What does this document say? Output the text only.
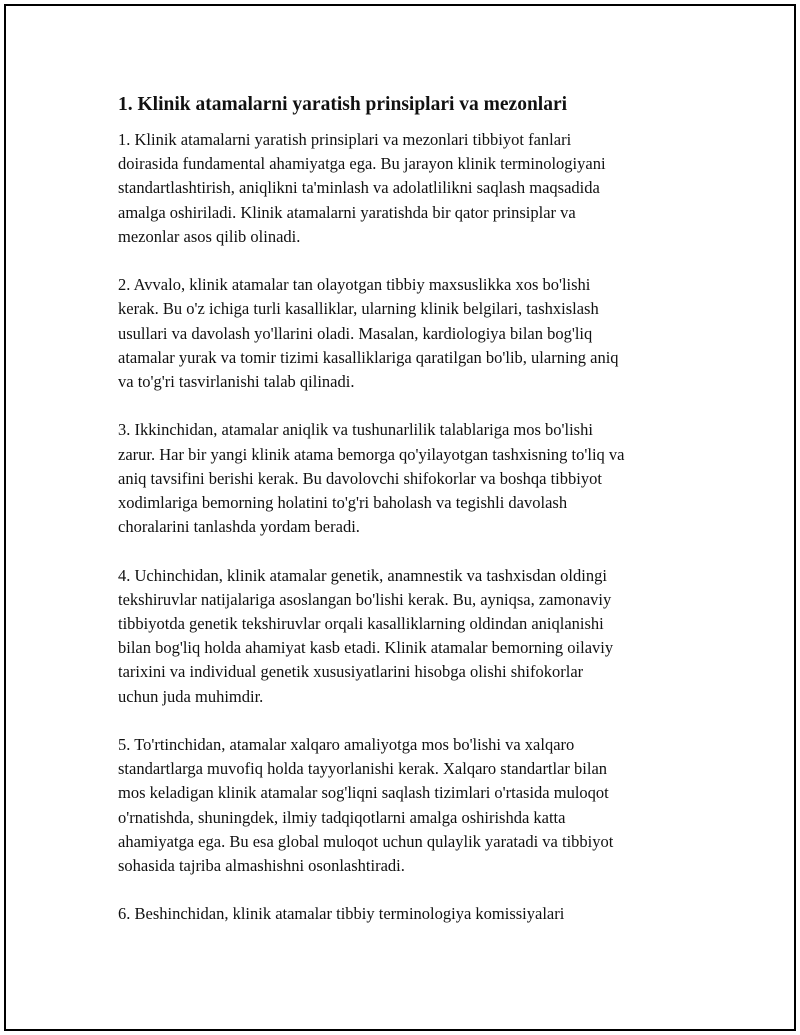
1. Klinik atamalarni yaratish prinsiplari va mezonlari

1. Klinik atamalarni yaratish prinsiplari va mezonlari tibbiyot fanlari
doirasida fundamental ahamiyatga ega. Bu jarayon klinik terminologiyani
standartlashtirish, aniqlikni ta'minlash va adolatlilikni saqlash maqsadida
amalga oshiriladi. Klinik atamalarni yaratishda bir qator prinsiplar va
mezonlar asos qilib olinadi.

2. Avvalo, klinik atamalar tan olayotgan tibbiy maxsuslikka xos bo'lishi
kerak. Bu o'z ichiga turli kasalliklar, ularning klinik belgilari, tashxislash
usullari va davolash yo'llarini oladi. Masalan, kardiologiya bilan bog'liq
atamalar yurak va tomir tizimi kasalliklariga qaratilgan bo'lib, ularning aniq
va to'g'ri tasvirlanishi talab qilinadi.

3. Ikkinchidan, atamalar aniqlik va tushunarlilik talablariga mos bo'lishi
zarur. Har bir yangi klinik atama bemorga qo'yilayotgan tashxisning to'liq va
aniq tavsifini berishi kerak. Bu davolovchi shifokorlar va boshqa tibbiyot
xodimlariga bemorning holatini to'g'ri baholash va tegishli davolash
choralarini tanlashda yordam beradi.

4. Uchinchidan, klinik atamalar genetik, anamnestik va tashxisdan oldingi
tekshiruvlar natijalariga asoslangan bo'lishi kerak. Bu, ayniqsa, zamonaviy
tibbiyotda genetik tekshiruvlar orqali kasalliklarning oldindan aniqlanishi
bilan bog'liq holda ahamiyat kasb etadi. Klinik atamalar bemorning oilaviy
tarixini va individual genetik xususiyatlarini hisobga olishi shifokorlar
uchun juda muhimdir.

5. To'rtinchidan, atamalar xalqaro amaliyotga mos bo'lishi va xalqaro
standartlarga muvofiq holda tayyorlanishi kerak. Xalqaro standartlar bilan
mos keladigan klinik atamalar sog'liqni saqlash tizimlari o'rtasida muloqot
o'rnatishda, shuningdek, ilmiy tadqiqotlarni amalga oshirishda katta
ahamiyatga ega. Bu esa global muloqot uchun qulaylik yaratadi va tibbiyot
sohasida tajriba almashishni osonlashtiradi.

6. Beshinchidan, klinik atamalar tibbiy terminologiya komissiyalari
